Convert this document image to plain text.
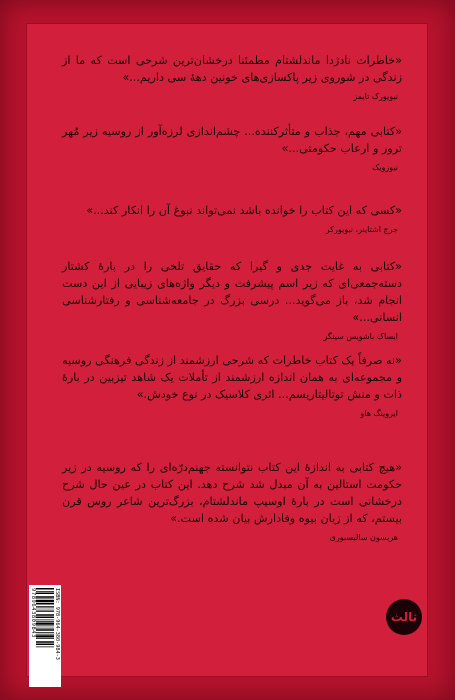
«خاطرات نادژدا ماندلشتام مطمئنا درخشان‌ترین شرحی است که ما از زندگی در شوروی زیر پاکسازی‌های خونین دههٔ سی داریم...»

نیویورک تایمز

«کتابی مهم، جذاب و متأثرکننده... چشم‌اندازی لرزه‌آور از روسیه زیر مُهر ترور و ارعاب حکومتی...»

نیوزویک

«کسی که این کتاب را خوانده باشد نمی‌تواند نبوغ آن را انکار کند...»

جرج اشتاینر، نیویورکر

«کتابی به غایت جدی و گیرا که حقایق تلخی را در بارهٔ کشتار دسته‌جمعی‌ای که زیر اسم پیشرفت و دیگر واژه‌های زیبایی از این دست انجام شد، باز می‌گوید... درسی بزرگ در جامعه‌شناسی و رفتارشناسی انسانی...»

ایساک باشویس سینگر

«نه صرفاً یک کتاب خاطرات که شرحی ارزشمند از زندگی فرهنگی روسیه و مجموعه‌ای به همان اندازه ارزشمند از تأملات یک شاهد تیزبین در بارهٔ ذات و منش توتالیتاریسم... اثری کلاسیک در نوع خودش.»

ایروینگ هاو

«هیچ کتابی به اندازهٔ این کتاب نتوانسته جهنم‌درّه‌ای را که روسیه در زیر حکومت استالین به آن مبدل شد شرح دهد. این کتاب در عین حال شرح درخشانی است در بارهٔ اوسیپ ماندلشتام، بزرگ‌ترین شاعر روس قرن بیستم، که از زبان بیوه وفادارش بیان شده است.»

هریسون سالیسبوری
ثالث
ISBN: 978-964-380-984-3
9789643809843
